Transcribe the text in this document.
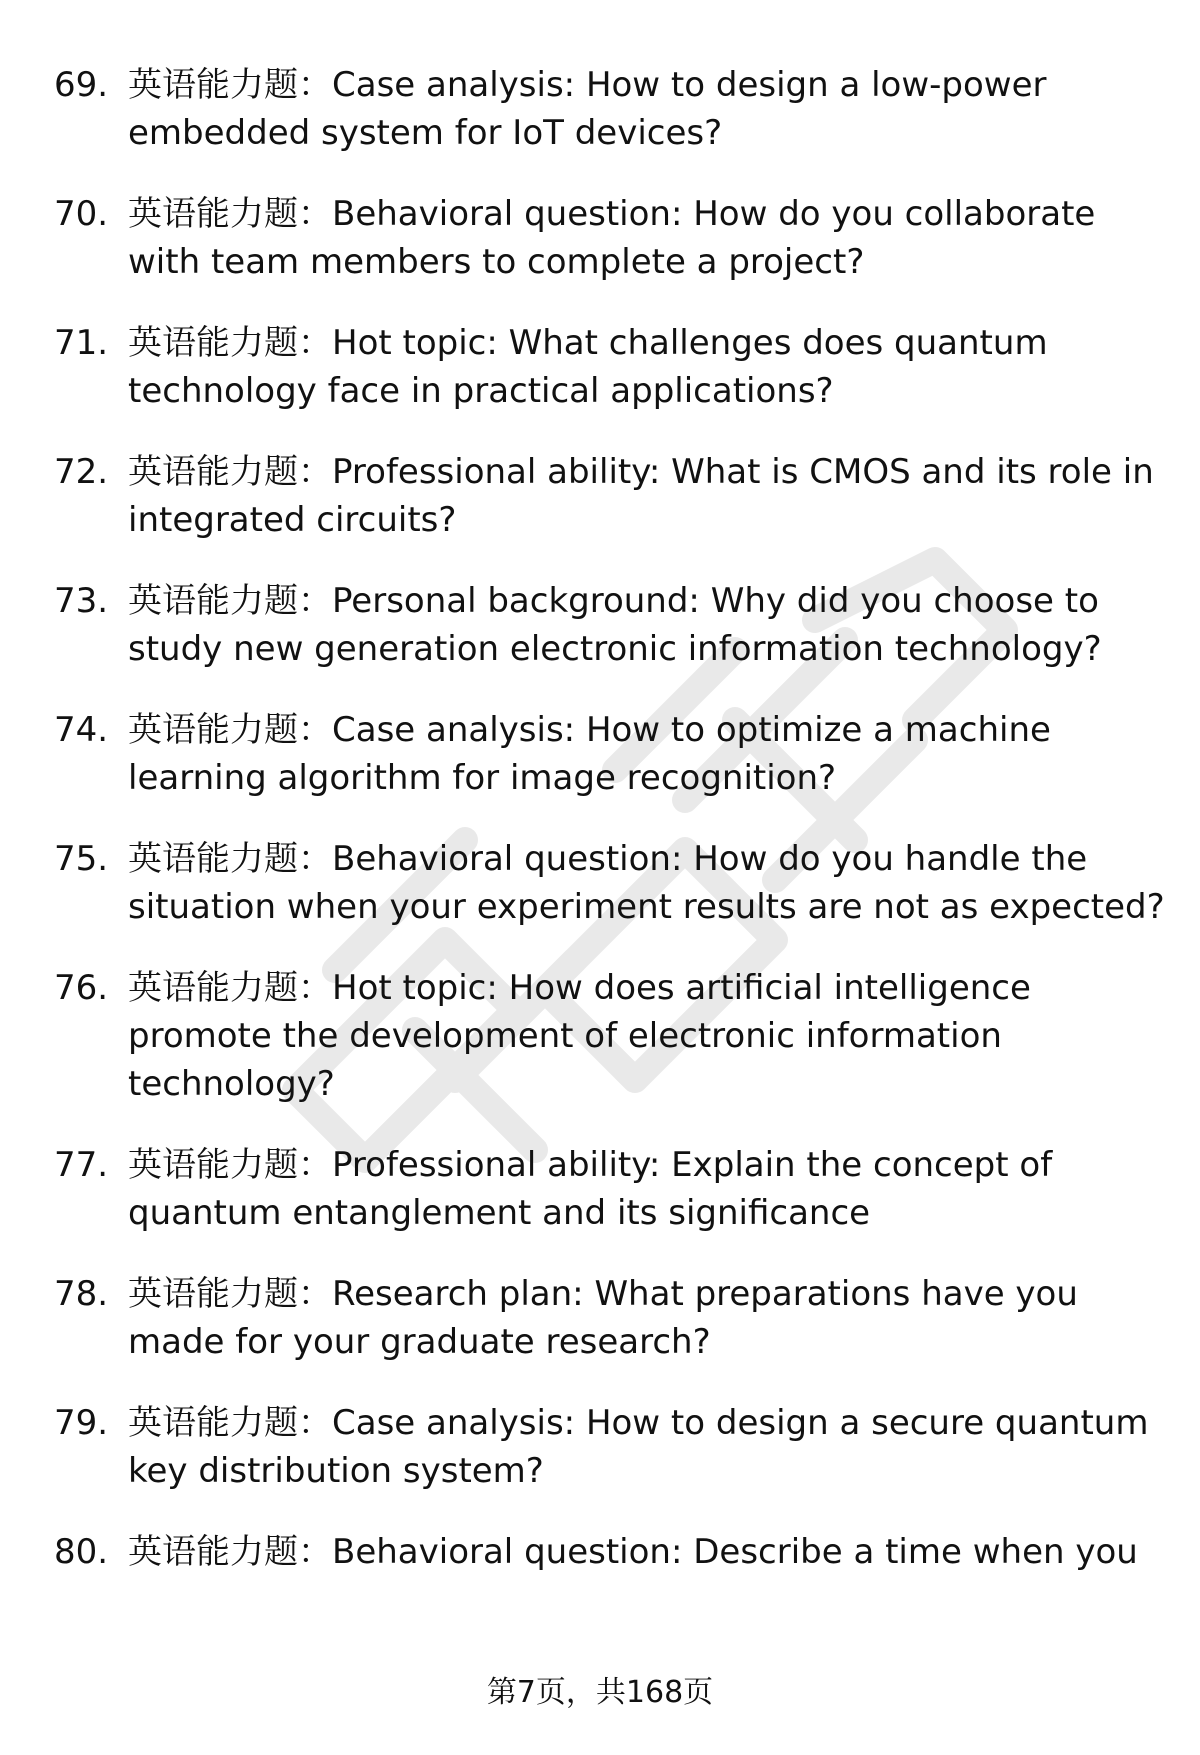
69. 英语能力题：Case analysis: How to design a low-power embedded system for IoT devices?
70. 英语能力题：Behavioral question: How do you collaborate with team members to complete a project?
71. 英语能力题：Hot topic: What challenges does quantum technology face in practical applications?
72. 英语能力题：Professional ability: What is CMOS and its role in integrated circuits?
73. 英语能力题：Personal background: Why did you choose to study new generation electronic information technology?
74. 英语能力题：Case analysis: How to optimize a machine learning algorithm for image recognition?
75. 英语能力题：Behavioral question: How do you handle the situation when your experiment results are not as expected?
76. 英语能力题：Hot topic: How does artificial intelligence promote the development of electronic information technology?
77. 英语能力题：Professional ability: Explain the concept of quantum entanglement and its significance
78. 英语能力题：Research plan: What preparations have you made for your graduate research?
79. 英语能力题：Case analysis: How to design a secure quantum key distribution system?
80. 英语能力题：Behavioral question: Describe a time when you
第7页，共168页
